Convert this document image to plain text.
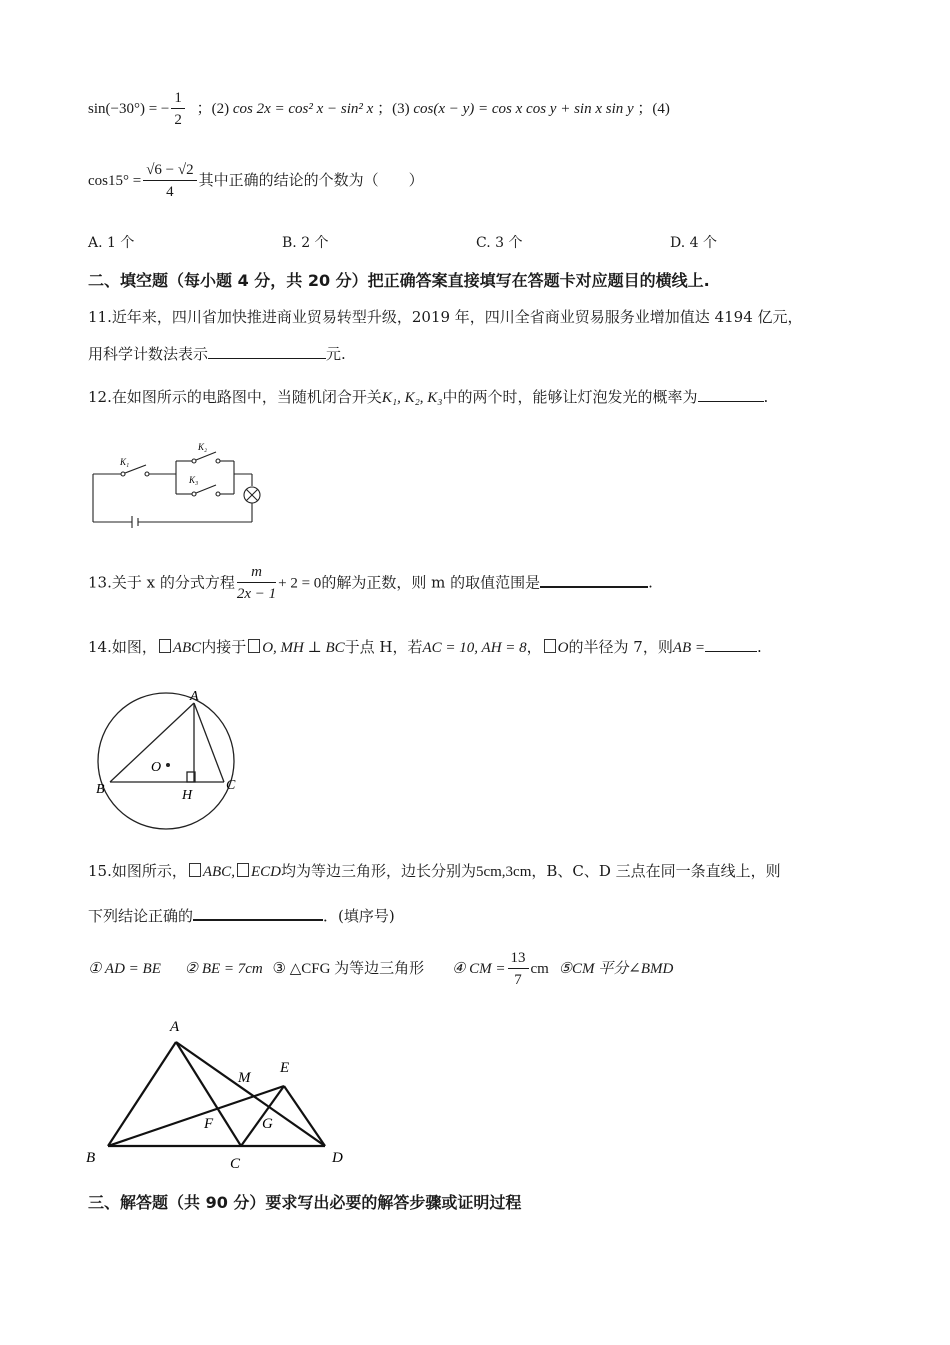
sin(−30°) = − $\frac{1}{2}$ ；(2) cos 2x = cos² x − sin² x ；(3) cos(x − y) = cos x cos y + sin x sin y ；(4)
$\cos 15^\circ = \frac{√6 - √2}{4}$ 其中正确的结论的个数为（　　）
A. 1 个	B. 2 个	C. 3 个	D. 4 个
二、填空题（每小题 4 分，共 20 分）把正确答案直接填写在答题卡对应题目的横线上.
11.近年来，四川省加快推进商业贸易转型升级，2019 年，四川全省商业贸易服务业增加值达 4194 亿元，
用科学计数法表示	元.
12.在如图所示的电路图中，当随机闭合开关K₁, K₂, K₃中的两个时，能够让灯泡发光的概率为	.
K₁
K₂
K₃
13.关于 x 的分式方程 $\frac{m}{2x - 1} + 2 = 0$的解为正数，则 m 的取值范围是	.
14.如图， ABC内接于 O, MH ⊥ BC于点 H，若AC = 10, AH = 8， O的半径为 7，则AB =	.
A
B	C
H
O
15.如图所示， ABC, ECD均为等边三角形，边长分别为5cm,3cm，B、C、D 三点在同一条直线上，则
下列结论正确的	．(填序号)
① AD = BE ② BE = 7cm ③ △CFG 为等边三角形 ④ CM = $\frac{13}{7}$ cm ⑤CM 平分∠BMD
A
B	C	D
E
F	G
M
三、解答题（共 90 分）要求写出必要的解答步骤或证明过程
